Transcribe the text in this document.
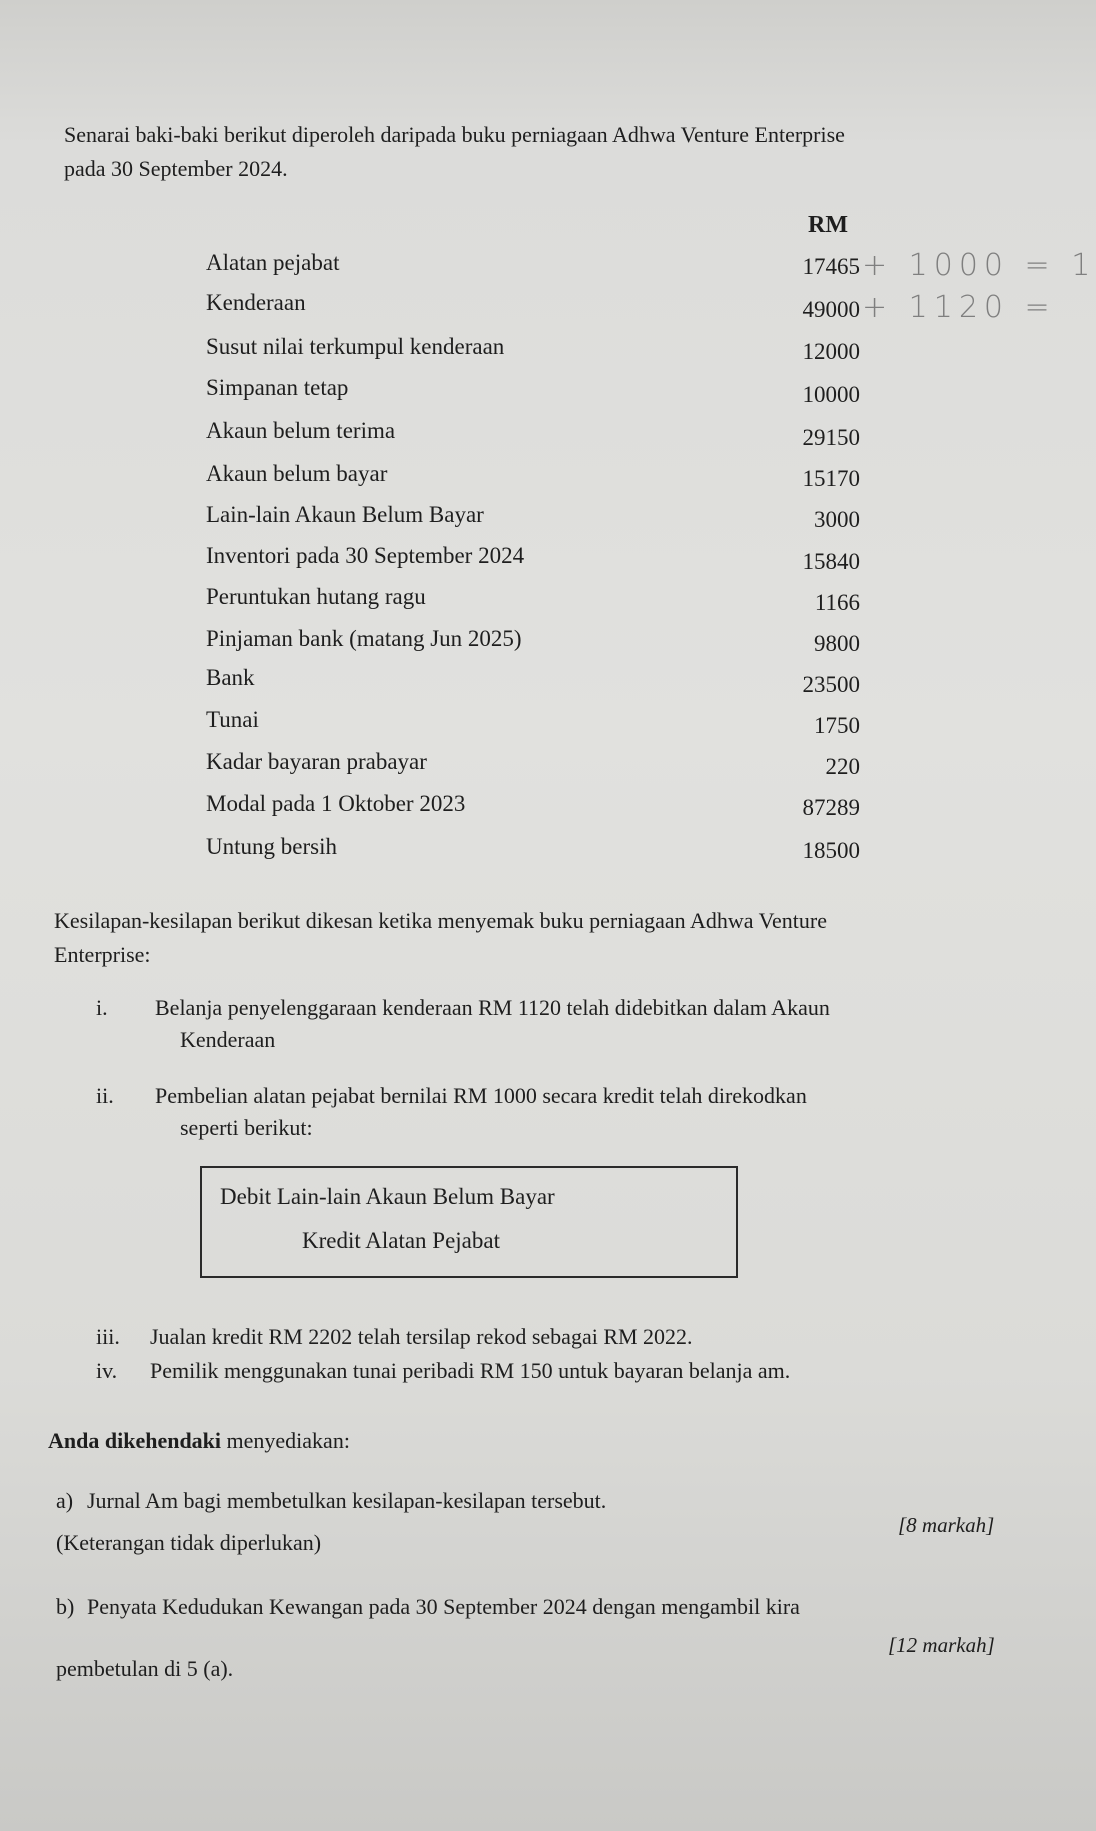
Senarai baki-baki berikut diperoleh daripada buku perniagaan Adhwa Venture Enterprise
pada 30 September 2024.
RM
Alatan pejabat	17465
Kenderaan	49000
Susut nilai terkumpul kenderaan	12000
Simpanan tetap	10000
Akaun belum terima	29150
Akaun belum bayar	15170
Lain-lain Akaun Belum Bayar	3000
Inventori pada 30 September 2024	15840
Peruntukan hutang ragu	1166
Pinjaman bank (matang Jun 2025)	9800
Bank	23500
Tunai	1750
Kadar bayaran prabayar	220
Modal pada 1 Oktober 2023	87289
Untung bersih	18500
+ 1000 = 1
+ 1120 =
Kesilapan-kesilapan berikut dikesan ketika menyemak buku perniagaan Adhwa Venture
Enterprise:
i. Belanja penyelenggaraan kenderaan RM 1120 telah didebitkan dalam Akaun
Kenderaan
ii. Pembelian alatan pejabat bernilai RM 1000 secara kredit telah direkodkan
seperti berikut:
Debit Lain-lain Akaun Belum Bayar
Kredit Alatan Pejabat
iii. Jualan kredit RM 2202 telah tersilap rekod sebagai RM 2022.
iv. Pemilik menggunakan tunai peribadi RM 150 untuk bayaran belanja am.
Anda dikehendaki menyediakan:
a) Jurnal Am bagi membetulkan kesilapan-kesilapan tersebut.
(Keterangan tidak diperlukan)
[8 markah]
b) Penyata Kedudukan Kewangan pada 30 September 2024 dengan mengambil kira
[12 markah]
pembetulan di 5 (a).
